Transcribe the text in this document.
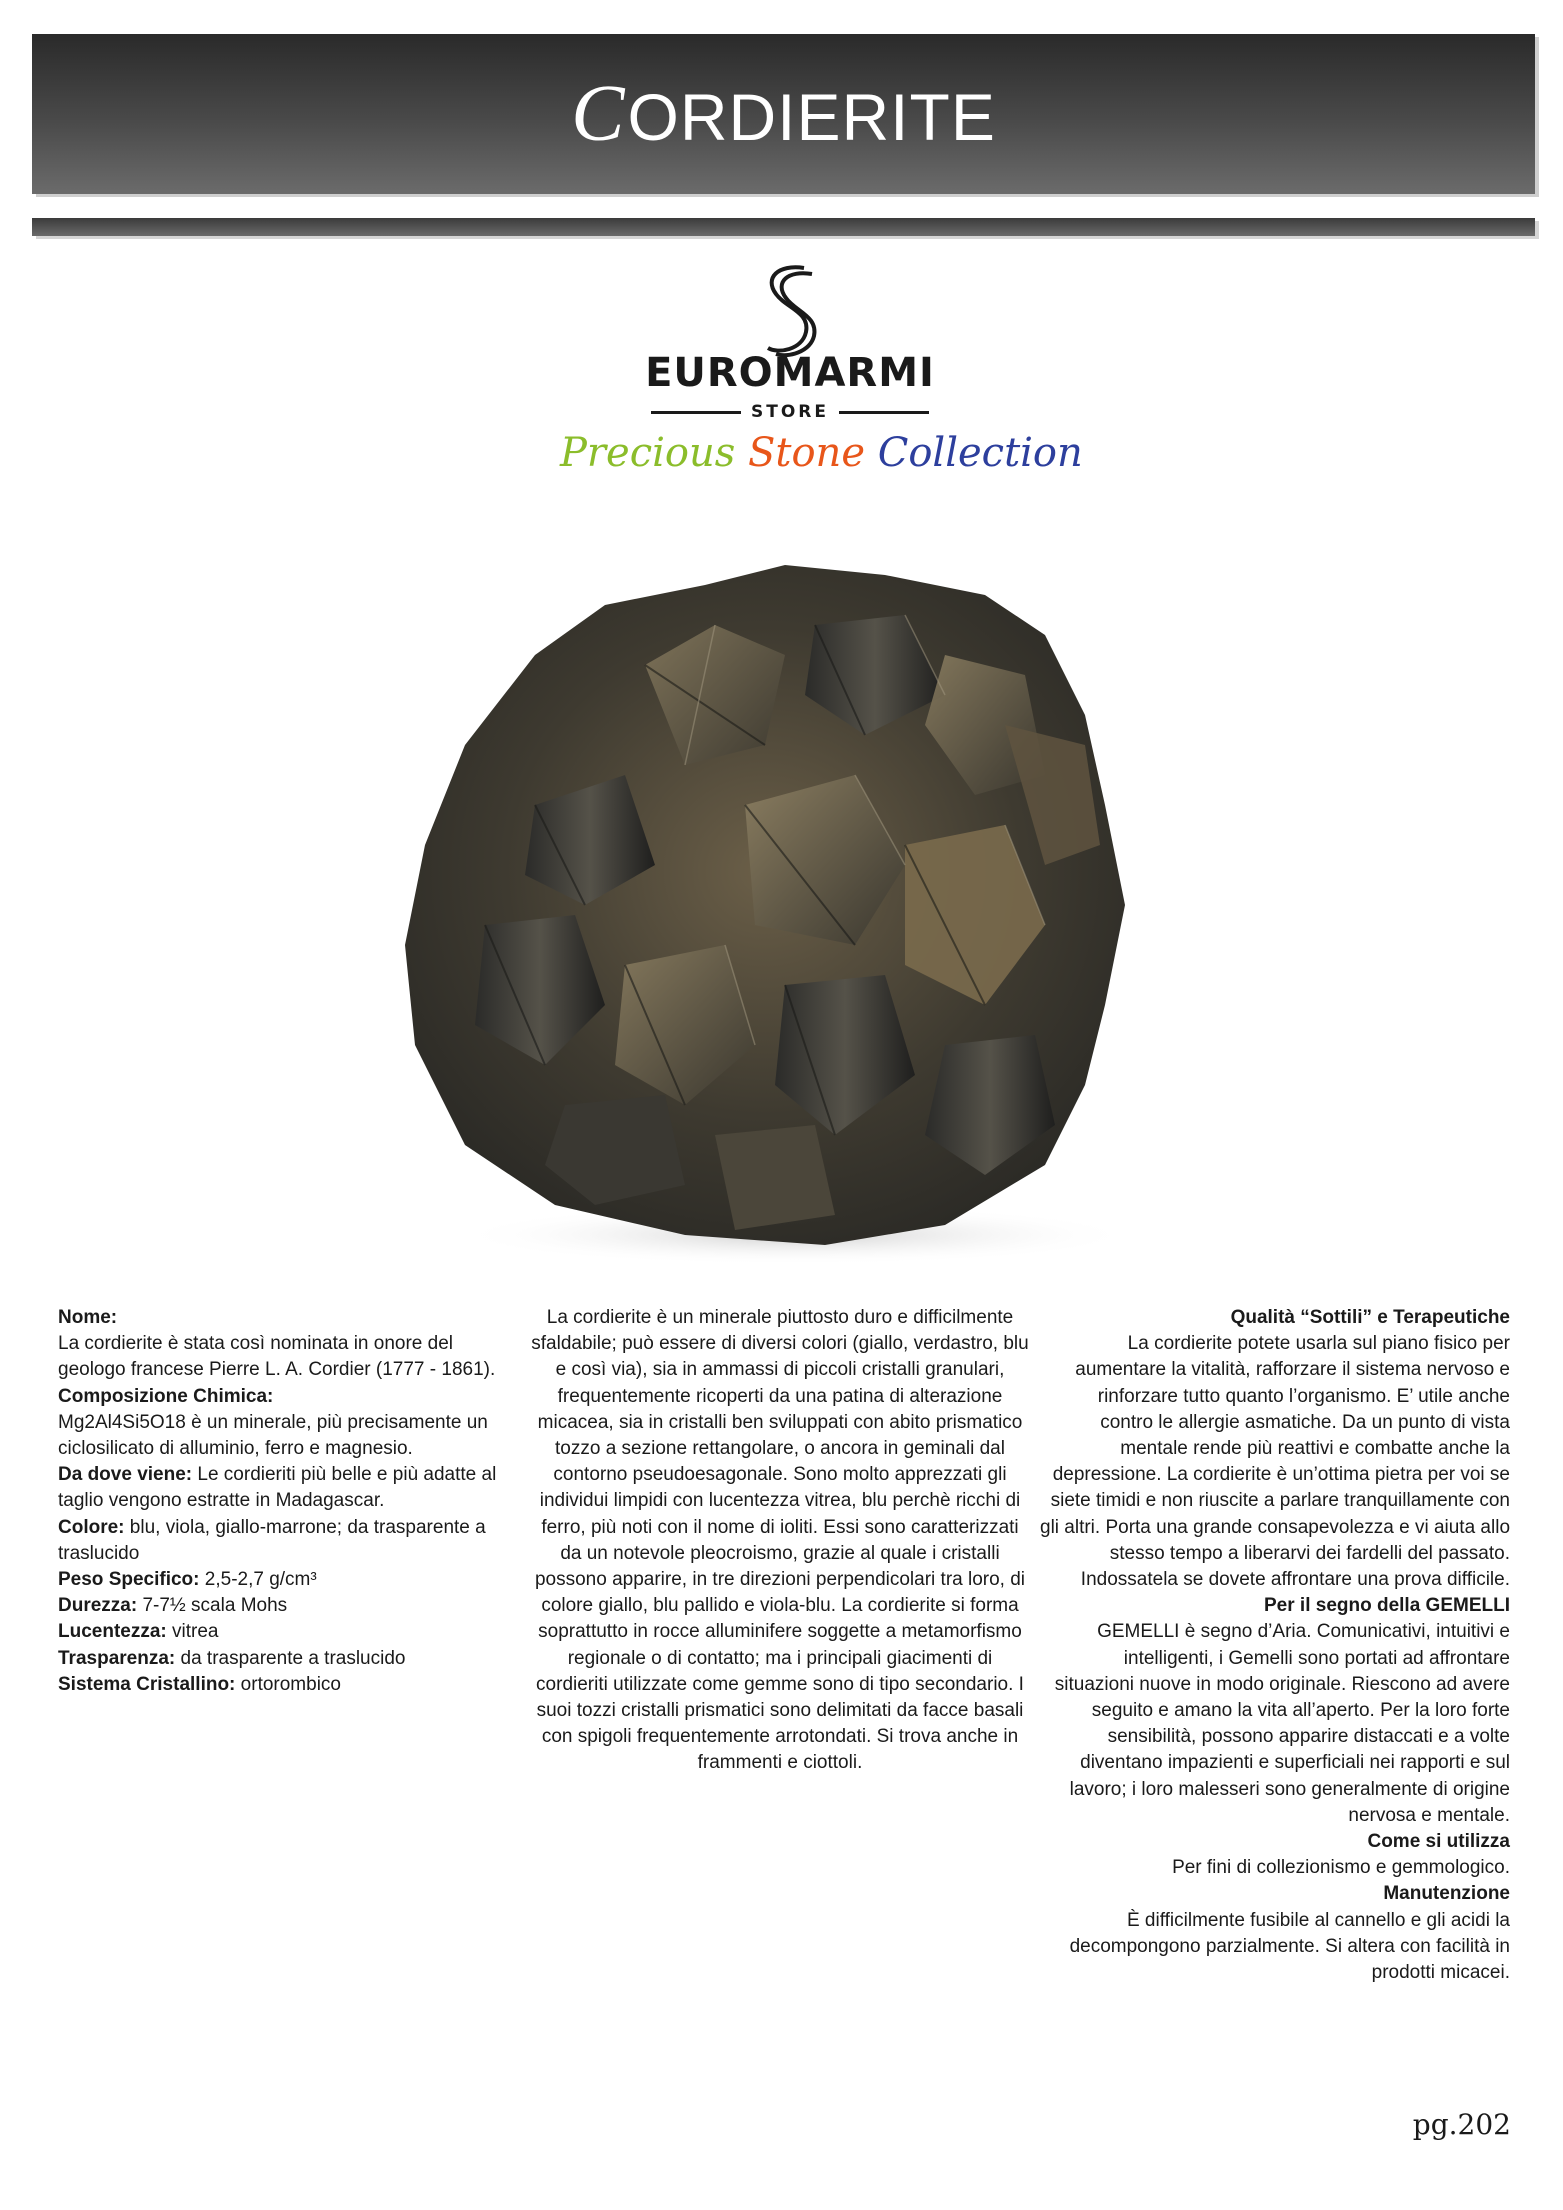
CORDIERITE
EUROMARMI
STORE
Precious Stone Collection

Nome:

La cordierite è stata così nominata in onore del geologo francese Pierre L. A. Cordier (1777 - 1861).

Composizione Chimica:

Mg2Al4Si5O18 è un minerale, più precisamente un ciclosilicato di alluminio, ferro e magnesio.

Da dove viene: Le cordieriti più belle e più adatte al taglio vengono estratte in Madagascar.

Colore: blu, viola, giallo-marrone; da trasparente a traslucido

Peso Specifico: 2,5-2,7 g/cm³

Durezza: 7-7½ scala Mohs

Lucentezza: vitrea

Trasparenza: da trasparente a traslucido

Sistema Cristallino: ortorombico

La cordierite è un minerale piuttosto duro e difficilmente sfaldabile; può essere di diversi colori (giallo, verdastro, blu e così via), sia in ammassi di piccoli cristalli granulari, frequentemente ricoperti da una patina di alterazione micacea, sia in cristalli ben sviluppati con abito prismatico tozzo a sezione rettangolare, o ancora in geminali dal contorno pseudoesagonale. Sono molto apprezzati gli individui limpidi con lucentezza vitrea, blu perchè ricchi di ferro, più noti con il nome di ioliti. Essi sono caratterizzati da un notevole pleocroismo, grazie al quale i cristalli possono apparire, in tre direzioni perpendicolari tra loro, di colore giallo, blu pallido e viola-blu. La cordierite si forma soprattutto in rocce alluminifere soggette a metamorfismo regionale o di contatto; ma i principali giacimenti di cordieriti utilizzate come gemme sono di tipo secondario. I suoi tozzi cristalli prismatici sono delimitati da facce basali con spigoli frequentemente arrotondati. Si trova anche in frammenti e ciottoli.

Qualità “Sottili” e Terapeutiche

La cordierite potete usarla sul piano fisico per aumentare la vitalità, rafforzare il sistema nervoso e rinforzare tutto quanto l’organismo. E’ utile anche contro le allergie asmatiche. Da un punto di vista mentale rende più reattivi e combatte anche la depressione. La cordierite è un’ottima pietra per voi se siete timidi e non riuscite a parlare tranquillamente con gli altri. Porta una grande consapevolezza e vi aiuta allo stesso tempo a liberarvi dei fardelli del passato. Indossatela se dovete affrontare una prova difficile.

Per il segno della GEMELLI

GEMELLI è segno d’Aria. Comunicativi, intuitivi e intelligenti, i Gemelli sono portati ad affrontare situazioni nuove in modo originale. Riescono ad avere seguito e amano la vita all’aperto. Per la loro forte sensibilità, possono apparire distaccati e a volte diventano impazienti e superficiali nei rapporti e sul lavoro; i loro malesseri sono generalmente di origine nervosa e mentale.

Come si utilizza

Per fini di collezionismo e gemmologico.

Manutenzione

È difficilmente fusibile al cannello e gli acidi la decompongono parzialmente. Si altera con facilità in prodotti micacei.

pg.202
